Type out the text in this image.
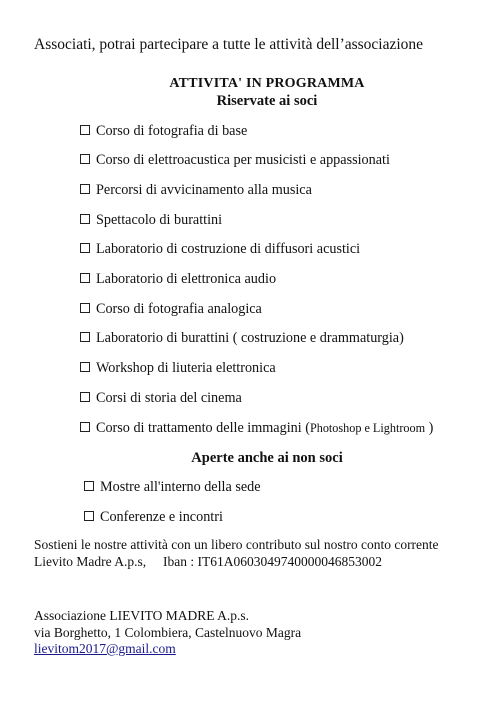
Associati, potrai partecipare a tutte le attività dell’associazione
ATTIVITA' IN PROGRAMMA
Riservate ai soci
Corso di fotografia di base
Corso di elettroacustica per musicisti e appassionati
Percorsi di avvicinamento alla musica
Spettacolo di burattini
Laboratorio di costruzione di diffusori acustici
Laboratorio di elettronica audio
Corso di fotografia analogica
Laboratorio di burattini ( costruzione e drammaturgia)
Workshop di liuteria elettronica
Corsi di storia del cinema
Corso di trattamento delle immagini (Photoshop e Lightroom )
Aperte anche ai non soci
Mostre all'interno della sede
Conferenze e incontri
Sostieni le nostre attività con un libero contributo sul nostro conto corrente
Lievito Madre A.p.s,     Iban : IT61A0603049740000046853002
Associazione LIEVITO MADRE A.p.s.
via Borghetto, 1 Colombiera, Castelnuovo Magra
lievitom2017@gmail.com
